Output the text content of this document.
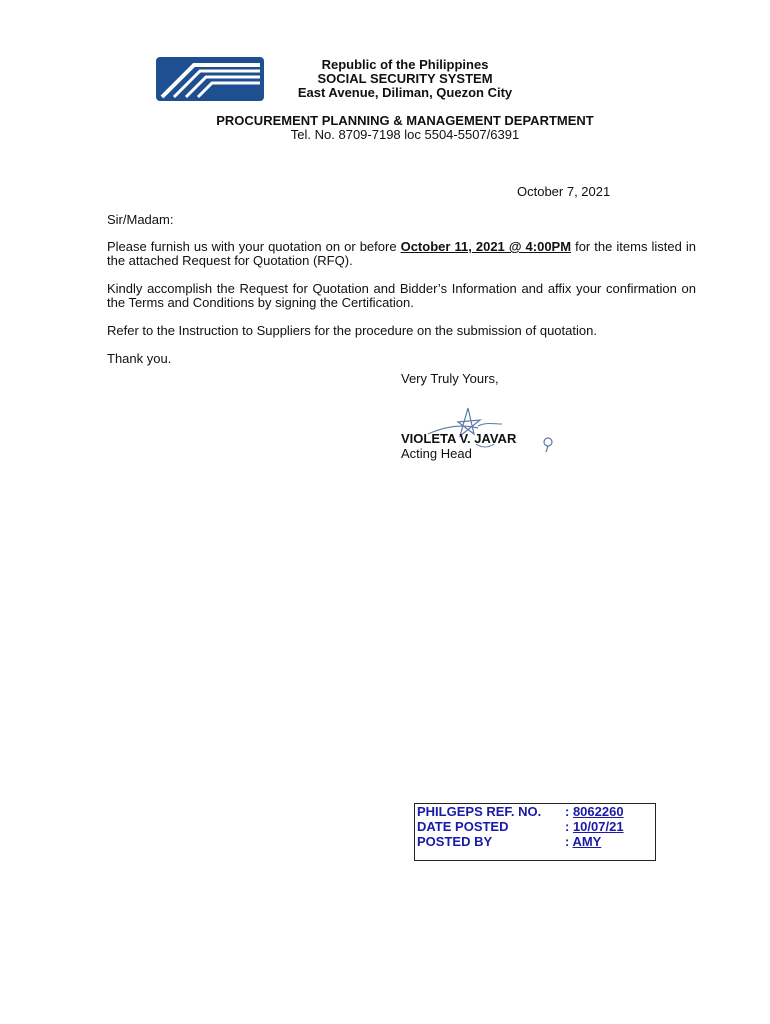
Republic of the Philippines
SOCIAL SECURITY SYSTEM
East Avenue, Diliman, Quezon City
PROCUREMENT PLANNING & MANAGEMENT DEPARTMENT
Tel. No. 8709-7198 loc 5504-5507/6391
October 7, 2021
Sir/Madam:
Please furnish us with your quotation on or before October 11, 2021 @ 4:00PM for the items listed in the attached Request for Quotation (RFQ).
Kindly accomplish the Request for Quotation and Bidder’s Information and affix your confirmation on the Terms and Conditions by signing the Certification.
Refer to the Instruction to Suppliers for the procedure on the submission of quotation.
Thank you.
Very Truly Yours,
VIOLETA V. JAVAR
Acting Head
PHILGEPS REF. NO. : 8062260
DATE POSTED	: 10/07/21
POSTED BY	: AMY
